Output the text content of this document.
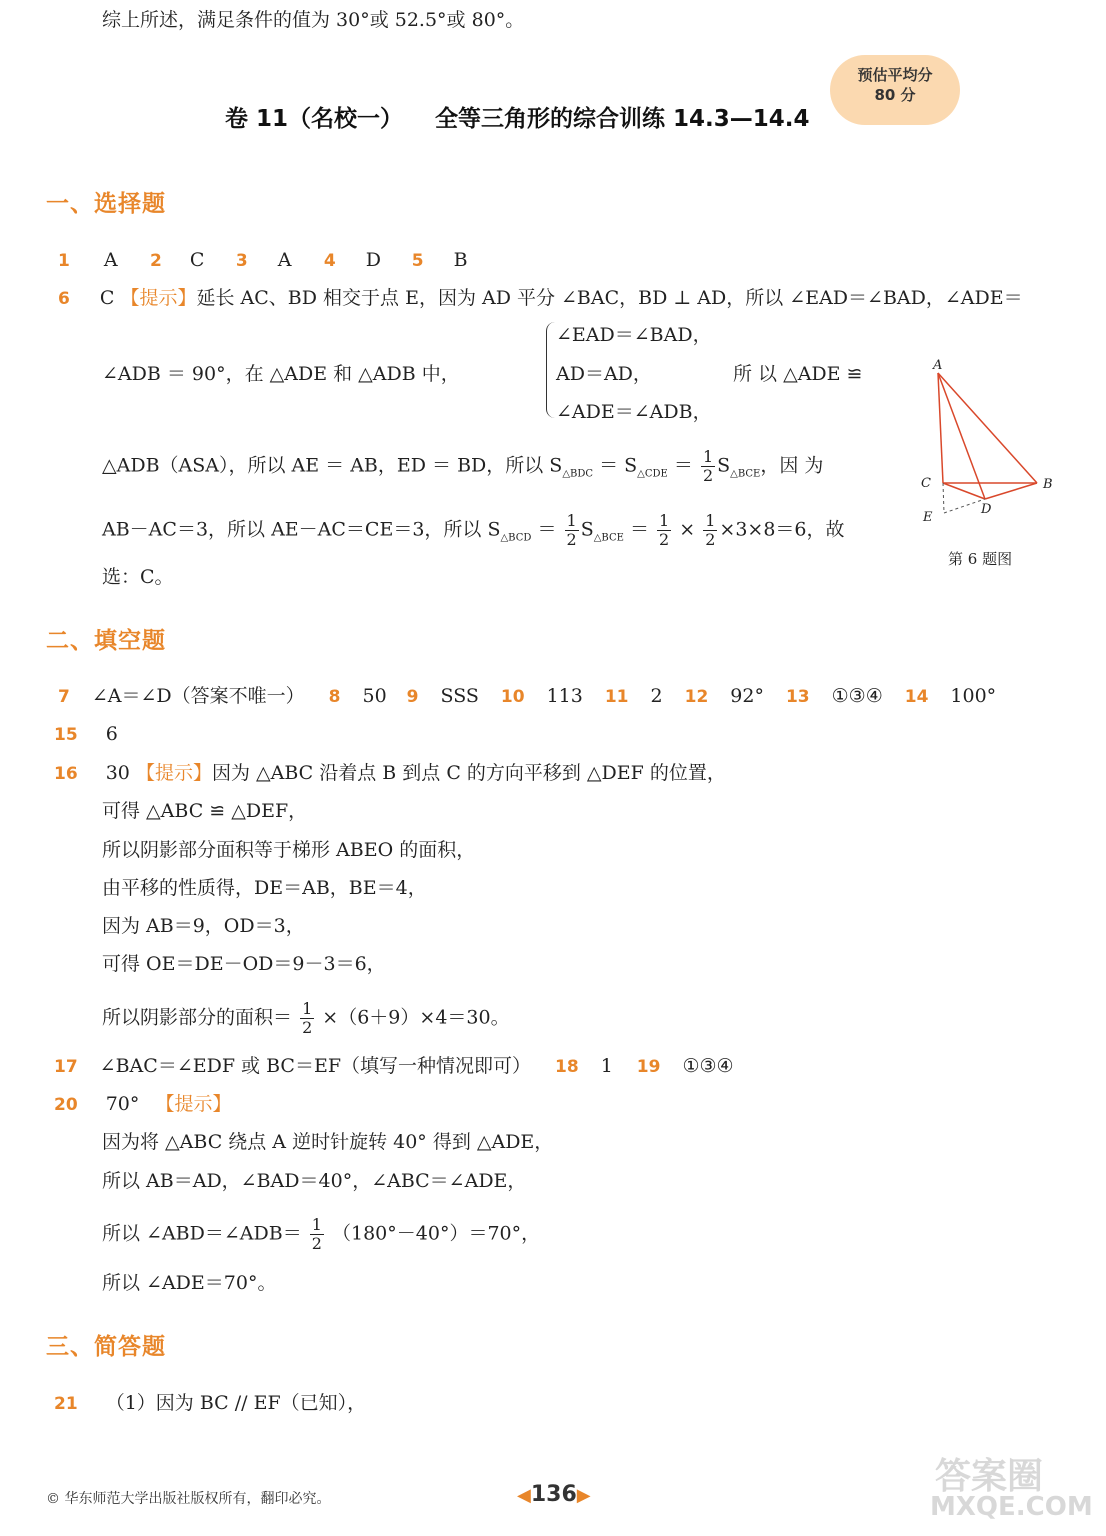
综上所述，满足条件的值为 30°或 52.5°或 80°。
预估平均分
80 分
卷 11（名校一） 全等三角形的综合训练 14.3—14.4
一、选择题
1 A 2 C 3 A 4 D 5 B
6 C 【提示】延长 AC、BD 相交于点 E，因为 AD 平分 ∠BAC，BD ⊥ AD，所以 ∠EAD＝∠BAD，∠ADE＝
∠ADB ＝ 90°，在 △ADE 和 △ADB 中，
∠EAD＝∠BAD，
AD＝AD，
∠ADE＝∠ADB，
所 以 △ADE ≌
△ADB（ASA），所以 AE ＝ AB，ED ＝ BD，所以 $S_{\triangle BDC} = S_{\triangle CDE} = \frac{1}{2} S_{\triangle BCE}$，因 为
AB－AC＝3，所以 AE－AC＝CE＝3，所以 $S_{\triangle BCD} = \frac{1}{2} S_{\triangle BCE} = \frac{1}{2} \times \frac{1}{2} \times 3\times 8=6$，故
选：C。
A
B
C
D
E
第 6 题图
二、填空题
7 ∠A＝∠D（答案不唯一） 8 50 9 SSS 10 113 11 2 12 92° 13 ①③④ 14 100°
15 6
16 30 【提示】因为 △ABC 沿着点 B 到点 C 的方向平移到 △DEF 的位置，
可得 △ABC ≌ △DEF，
所以阴影部分面积等于梯形 ABEO 的面积，
由平移的性质得，DE＝AB，BE＝4，
因为 AB＝9，OD＝3，
可得 OE＝DE－OD＝9－3＝6，
所以阴影部分的面积＝ $\frac{1}{2} \times(6+9)\times 4=30$。
17 ∠BAC＝∠EDF 或 BC＝EF（填写一种情况即可） 18 1 19 ①③④
20 70° 【提示】
因为将 △ABC 绕点 A 逆时针旋转 40° 得到 △ADE，
所以 AB＝AD，∠BAD＝40°，∠ABC＝∠ADE，
所以 ∠ABD＝∠ADB＝ $\frac{1}{2} (180^\circ-40^\circ)=70^\circ$，
所以 ∠ADE＝70°。
三、简答题
21 （1）因为 BC // EF（已知），
© 华东师范大学出版社版权所有，翻印必究。	◀136▶	答案圈
MXQE.COM
